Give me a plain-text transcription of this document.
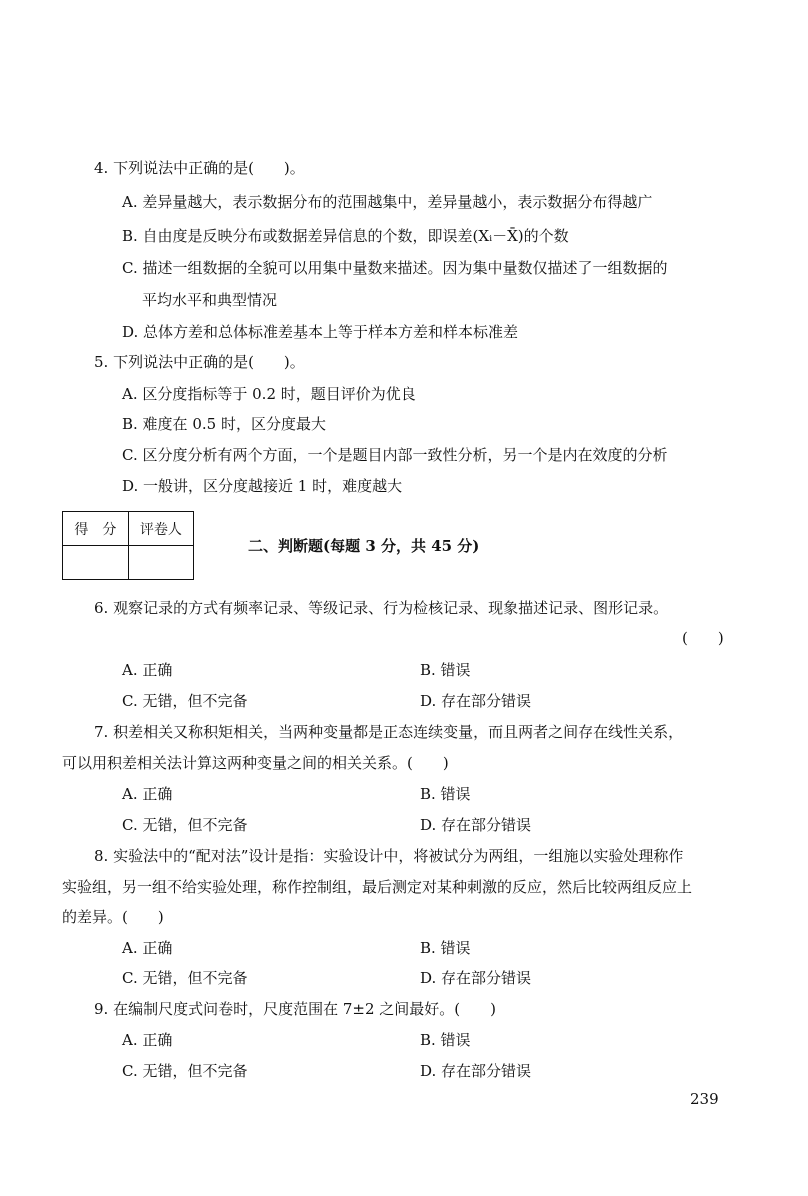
4. 下列说法中正确的是(　　)。
A. 差异量越大，表示数据分布的范围越集中，差异量越小，表示数据分布得越广
B. 自由度是反映分布或数据差异信息的个数，即误差(Xᵢ－X̄)的个数
C. 描述一组数据的全貌可以用集中量数来描述。因为集中量数仅描述了一组数据的
平均水平和典型情况
D. 总体方差和总体标准差基本上等于样本方差和样本标准差
5. 下列说法中正确的是(　　)。
A. 区分度指标等于 0.2 时，题目评价为优良
B. 难度在 0.5 时，区分度最大
C. 区分度分析有两个方面，一个是题目内部一致性分析，另一个是内在效度的分析
D. 一般讲，区分度越接近 1 时，难度越大
得　分	评卷人

二、判断题(每题 3 分，共 45 分)
6. 观察记录的方式有频率记录、等级记录、行为检核记录、现象描述记录、图形记录。
(　　)
A. 正确	B. 错误
C. 无错，但不完备	D. 存在部分错误
7. 积差相关又称积矩相关，当两种变量都是正态连续变量，而且两者之间存在线性关系，
可以用积差相关法计算这两种变量之间的相关关系。(　　)
A. 正确	B. 错误
C. 无错，但不完备	D. 存在部分错误
8. 实验法中的“配对法”设计是指：实验设计中，将被试分为两组，一组施以实验处理称作
实验组，另一组不给实验处理，称作控制组，最后测定对某种刺激的反应，然后比较两组反应上
的差异。(　　)
A. 正确	B. 错误
C. 无错，但不完备	D. 存在部分错误
9. 在编制尺度式问卷时，尺度范围在 7±2 之间最好。(　　)
A. 正确	B. 错误
C. 无错，但不完备	D. 存在部分错误
239
